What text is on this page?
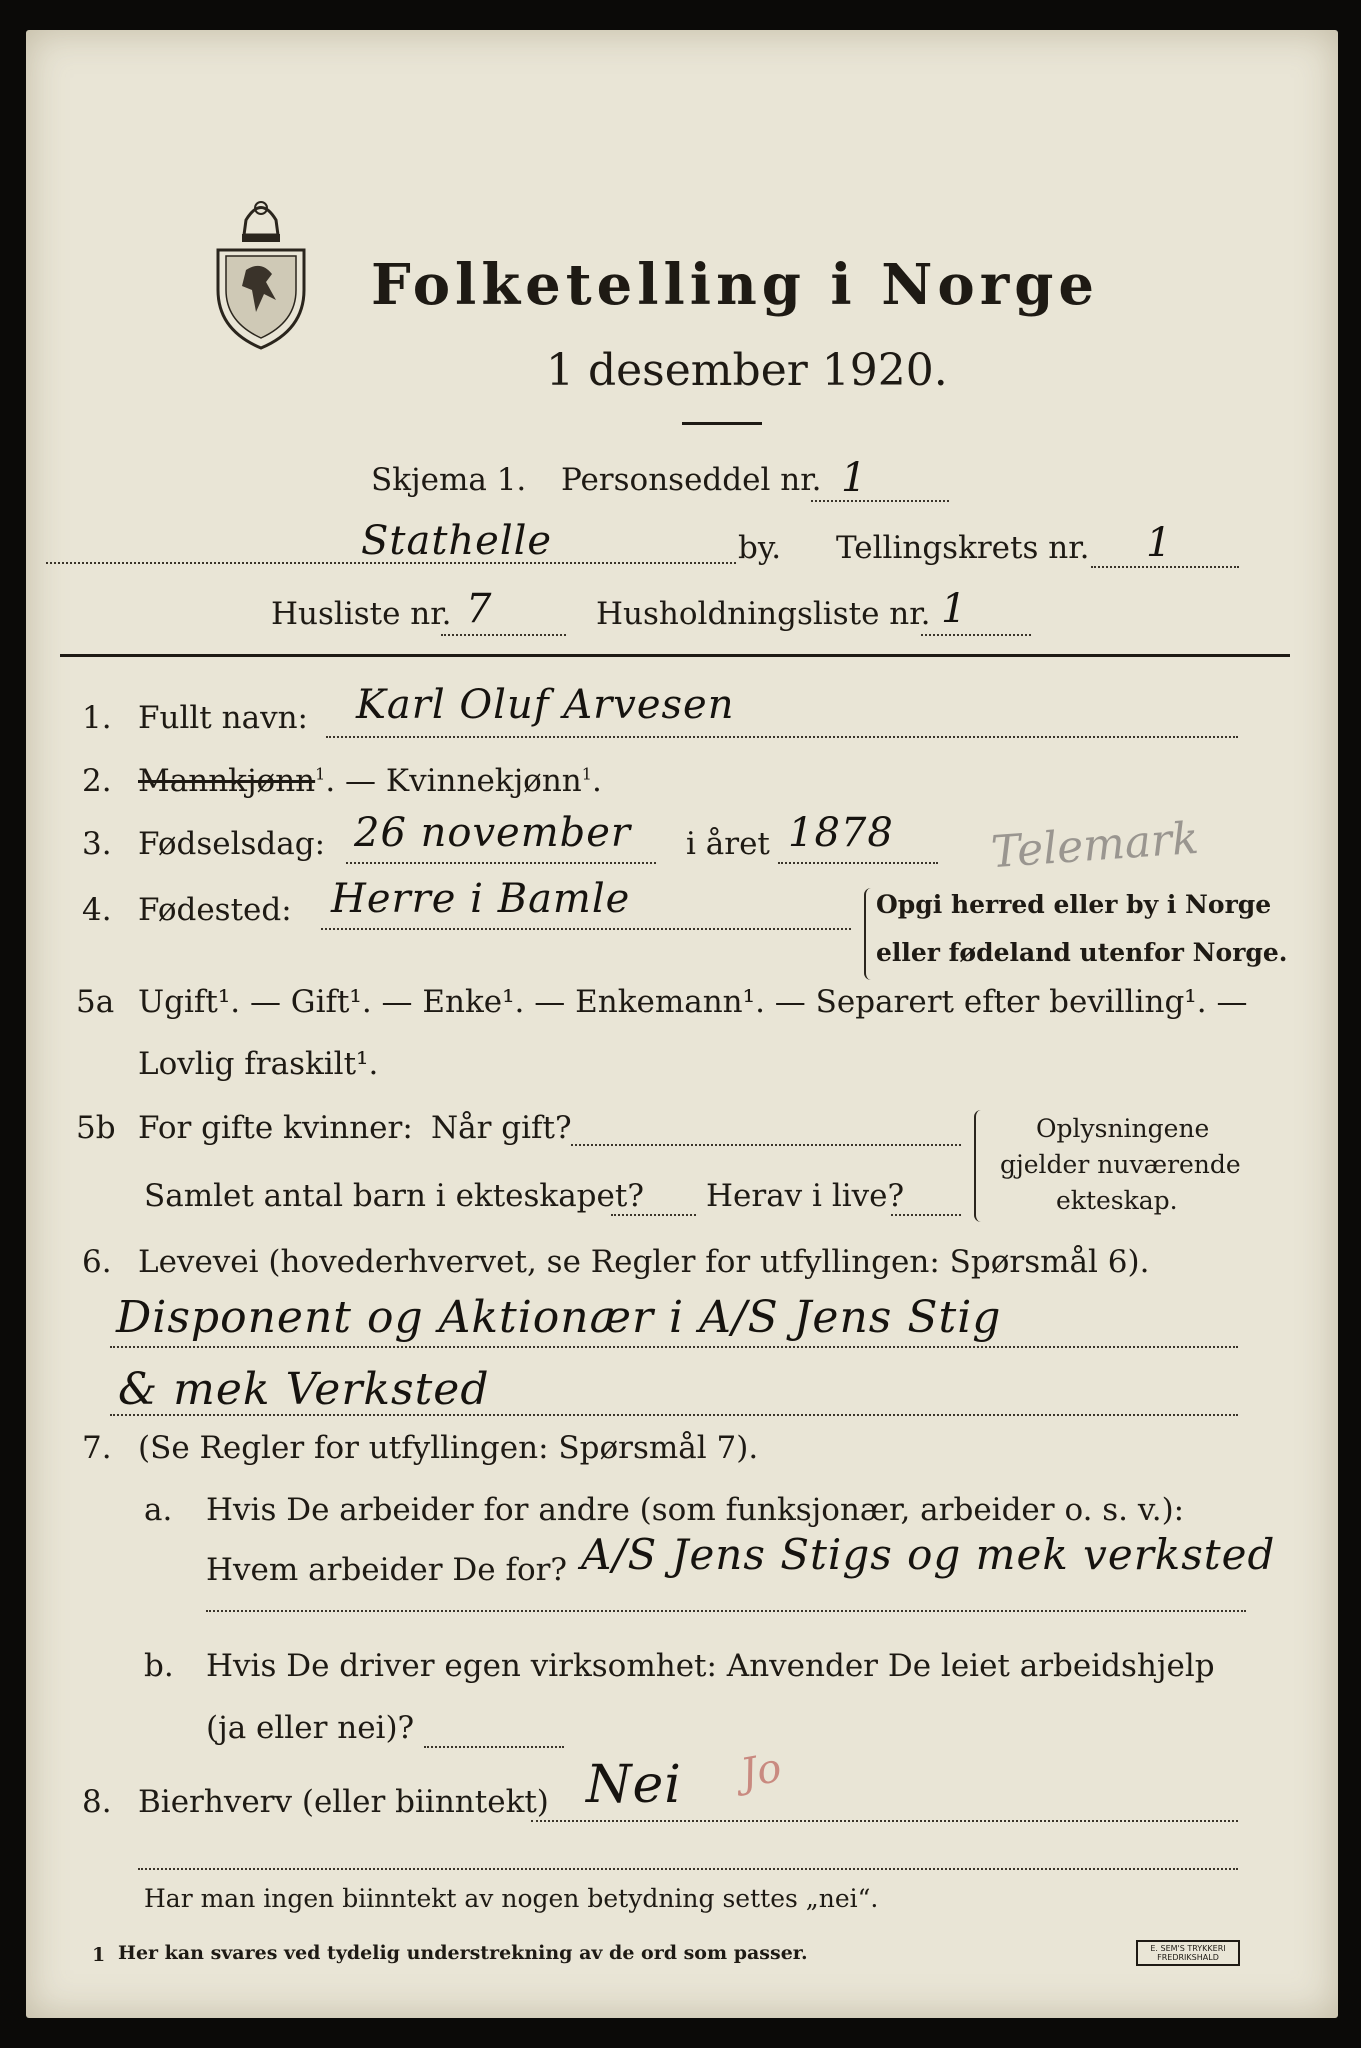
Folketelling i Norge
1 desember 1920.
Skjema 1. Personseddel nr. 1
Stathelle	by. Tellingskrets nr. 1
Husliste nr. 7	Husholdningsliste nr. 1
1. Fullt navn: Karl Oluf Arvesen
2. Mannkjønn$^1$. — Kvinnekjønn$^1$.
3. Fødselsdag: 26 november i året 1878 Telemark
4. Fødested: Herre i Bamle	Opgi herred eller by i Norge
eller fødeland utenfor Norge.
5a Ugift¹. — Gift¹. — Enke¹. — Enkemann¹. — Separert efter bevilling¹. —
Lovlig fraskilt¹.
5b For gifte kvinner: Når gift?
Samlet antal barn i ekteskapet? Herav i live?
Oplysningene
gjelder nuværende
ekteskap.
6. Levevei (hovederhvervet, se Regler for utfyllingen: Spørsmål 6).
Disponent og Aktionær i A/S Jens Stig
& mek Verksted
7. (Se Regler for utfyllingen: Spørsmål 7).
a. Hvis De arbeider for andre (som funksjonær, arbeider o. s. v.):
Hvem arbeider De for? A/S Jens Stigs og mek verksted
b. Hvis De driver egen virksomhet: Anvender De leiet arbeidshjelp
(ja eller nei)?
8. Bierhverv (eller biinntekt) Nei Jo
Har man ingen biinntekt av nogen betydning settes „nei“.
1 Her kan svares ved tydelig understrekning av de ord som passer.	E. SEM'S TRYKKERI FREDRIKSHALD
